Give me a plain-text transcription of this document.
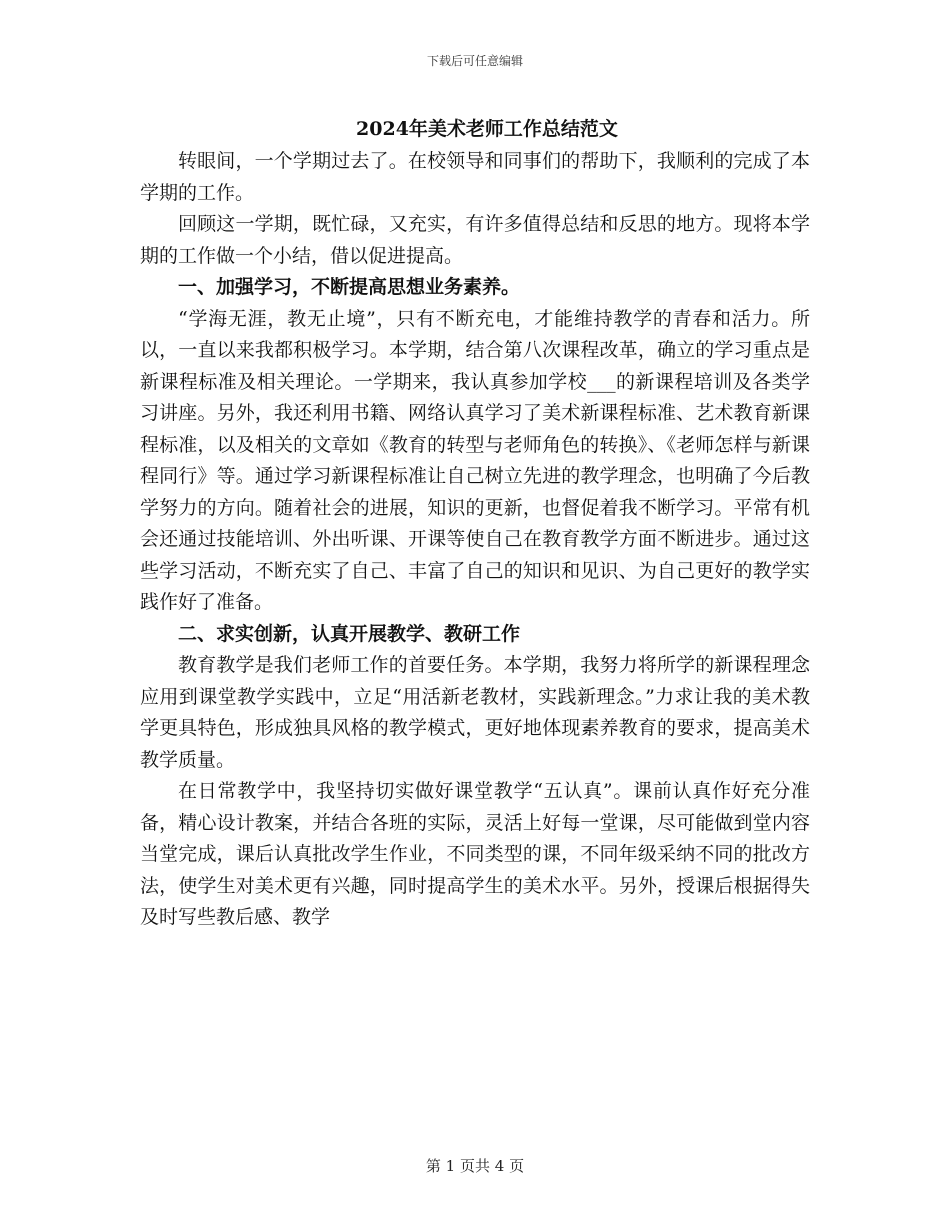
下载后可任意编辑
2024年美术老师工作总结范文

转眼间，一个学期过去了。在校领导和同事们的帮助下，我顺利的完成了本学期的工作。

回顾这一学期，既忙碌，又充实，有许多值得总结和反思的地方。现将本学期的工作做一个小结，借以促进提高。

一、加强学习，不断提高思想业务素养。

“学海无涯，教无止境”，只有不断充电，才能维持教学的青春和活力。所以，一直以来我都积极学习。本学期，结合第八次课程改革，确立的学习重点是新课程标准及相关理论。一学期来，我认真参加学校___的新课程培训及各类学习讲座。另外，我还利用书籍、网络认真学习了美术新课程标准、艺术教育新课程标准，以及相关的文章如《教育的转型与老师角色的转换》、《老师怎样与新课程同行》等。通过学习新课程标准让自己树立先进的教学理念，也明确了今后教学努力的方向。随着社会的进展，知识的更新，也督促着我不断学习。平常有机会还通过技能培训、外出听课、开课等使自己在教育教学方面不断进步。通过这些学习活动，不断充实了自己、丰富了自己的知识和见识、为自己更好的教学实践作好了准备。

二、求实创新，认真开展教学、教研工作

教育教学是我们老师工作的首要任务。本学期，我努力将所学的新课程理念应用到课堂教学实践中，立足“用活新老教材，实践新理念。”力求让我的美术教学更具特色，形成独具风格的教学模式，更好地体现素养教育的要求，提高美术教学质量。

在日常教学中，我坚持切实做好课堂教学“五认真”。课前认真作好充分准备，精心设计教案，并结合各班的实际，灵活上好每一堂课，尽可能做到堂内容当堂完成，课后认真批改学生作业，不同类型的课，不同年级采纳不同的批改方法，使学生对美术更有兴趣，同时提高学生的美术水平。另外，授课后根据得失及时写些教后感、教学

第 1 页共 4 页
